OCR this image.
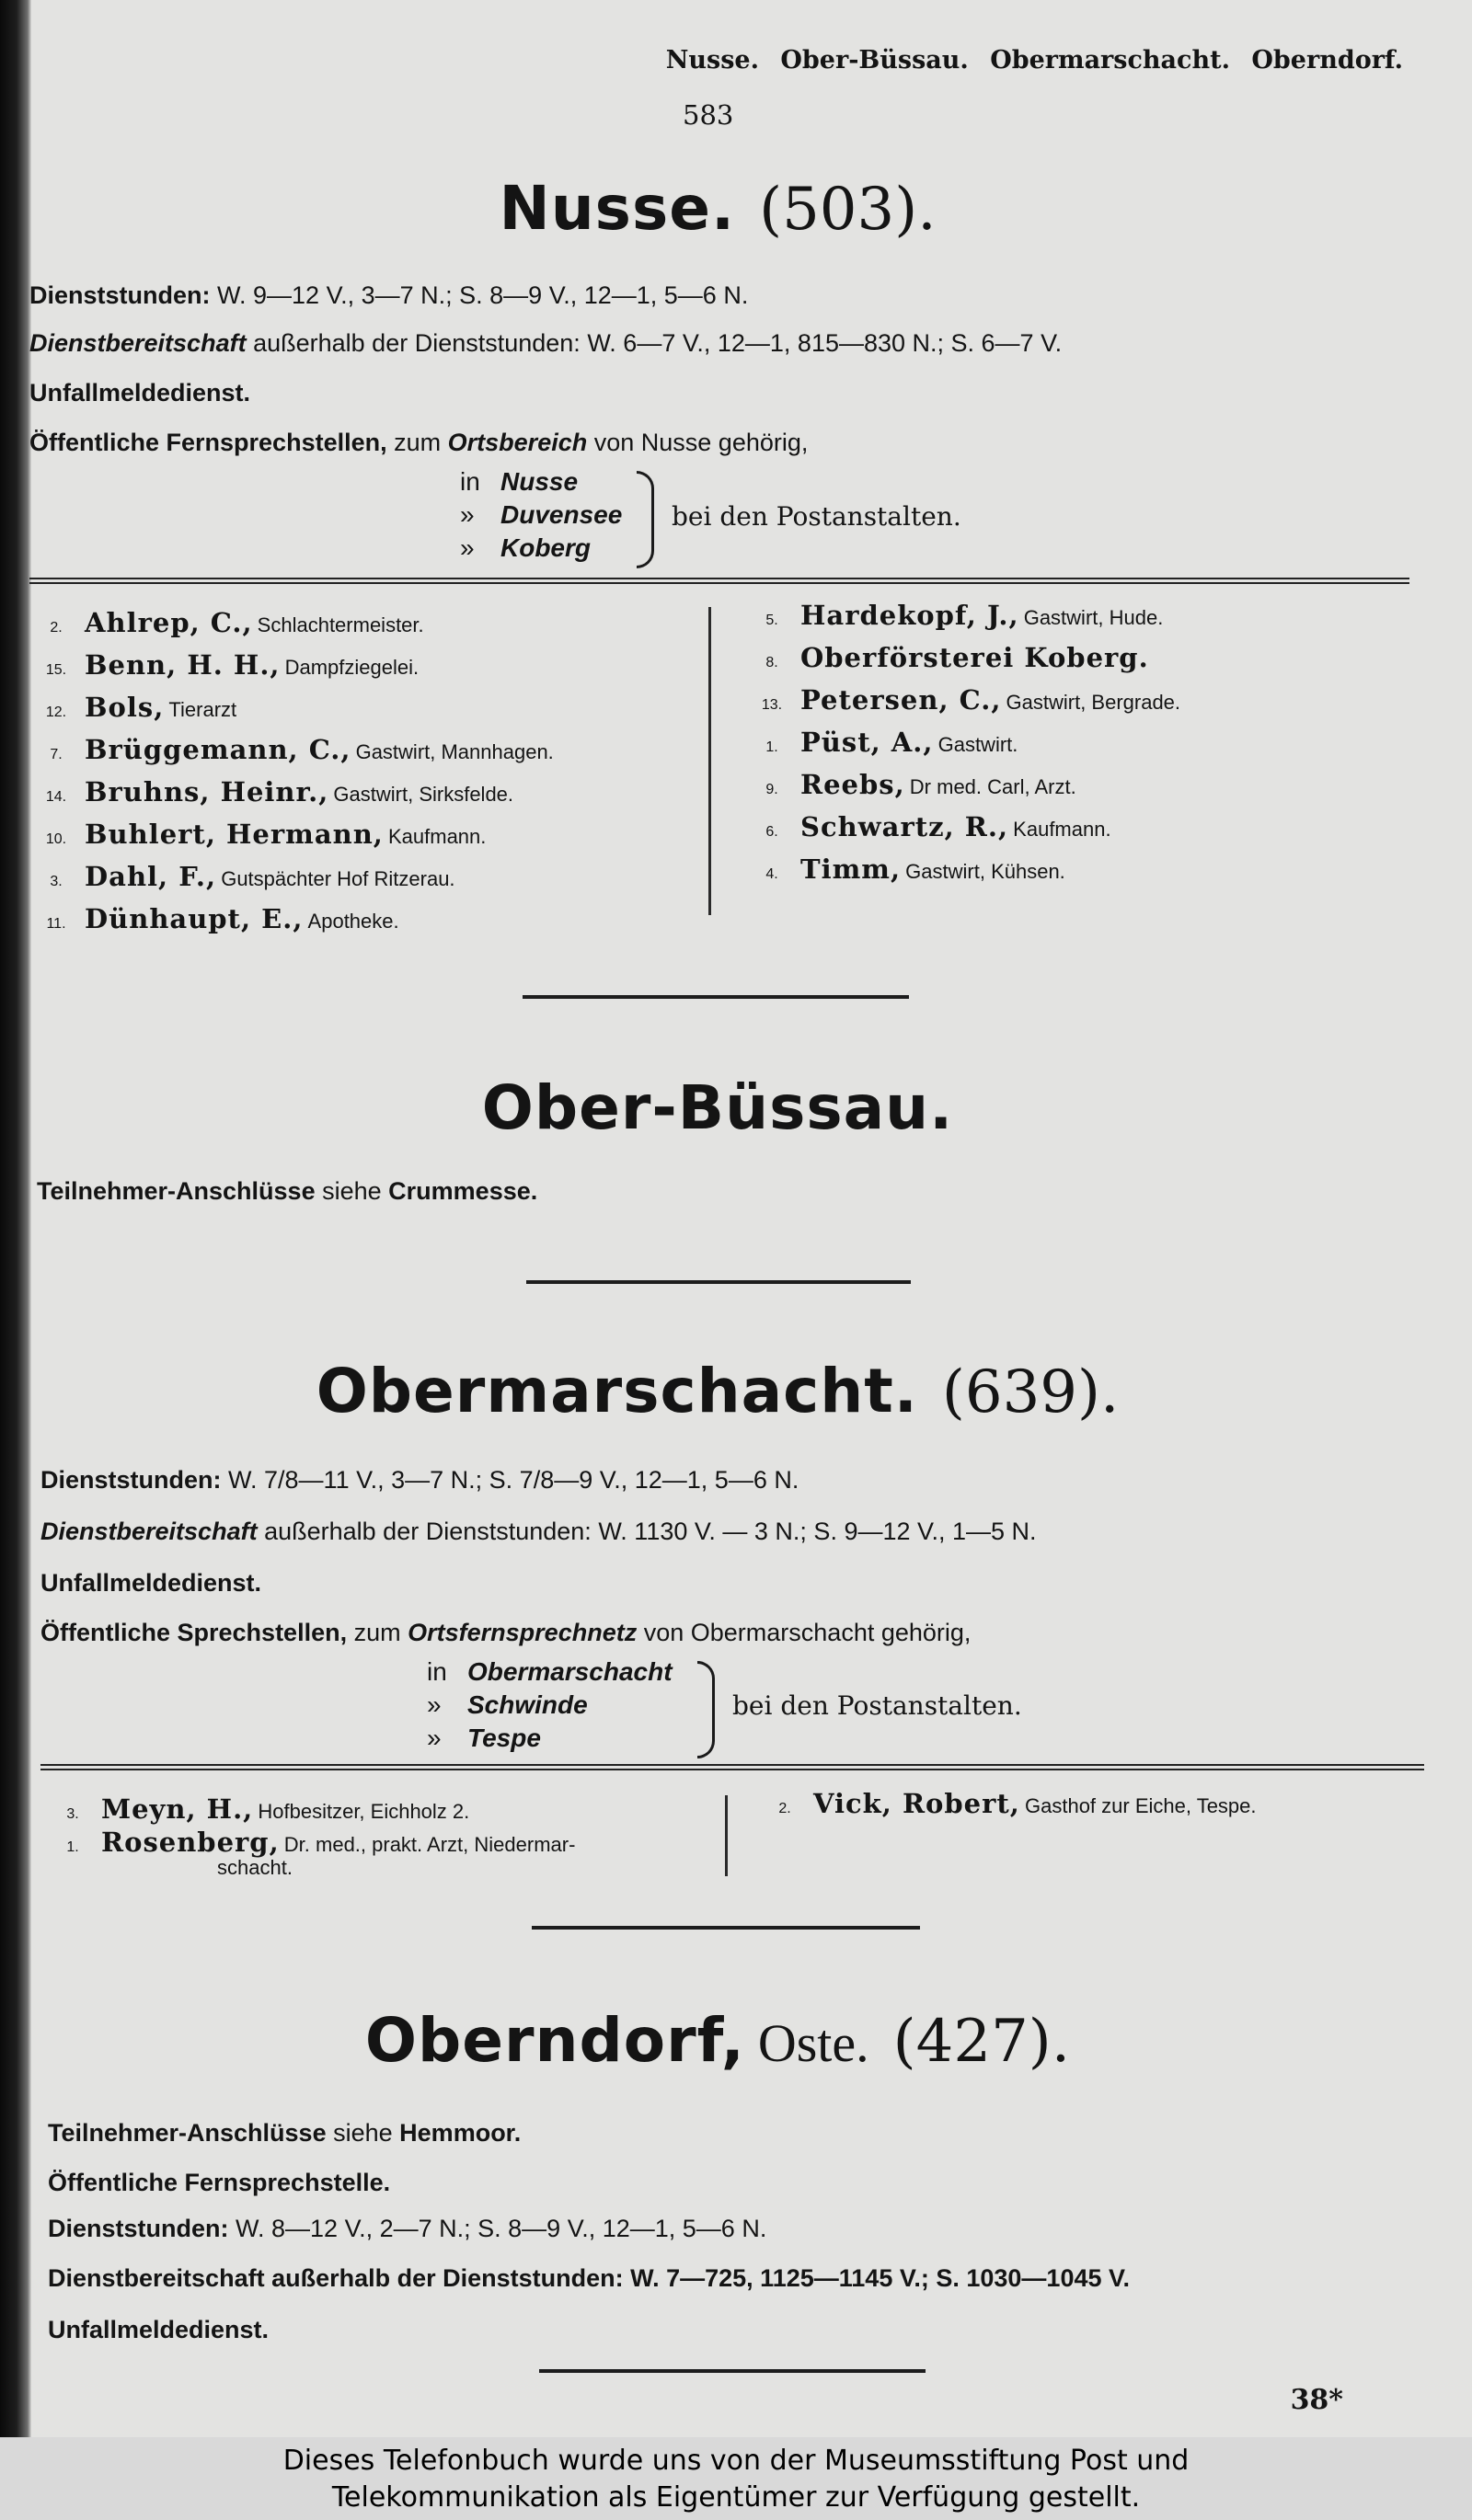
Nusse. Ober-Büssau. Obermarschacht. Oberndorf.
583
Nusse. (503).
Dienststunden: W. 9—12 V., 3—7 N.; S. 8—9 V., 12—1, 5—6 N.
Dienstbereitschaft außerhalb der Dienststunden: W. 6—7 V., 12—1, 815—830 N.; S. 6—7 V.
Unfallmeldedienst.
Öffentliche Fernsprechstellen, zum Ortsbereich von Nusse gehörig,
in Nusse
» Duvensee
» Koberg
bei den Postanstalten.
2. Ahlrep, C., Schlachtermeister.
15. Benn, H. H., Dampfziegelei.
12. Bols, Tierarzt
7. Brüggemann, C., Gastwirt, Mannhagen.
14. Bruhns, Heinr., Gastwirt, Sirksfelde.
10. Buhlert, Hermann, Kaufmann.
3. Dahl, F., Gutspächter Hof Ritzerau.
11. Dünhaupt, E., Apotheke.
5. Hardekopf, J., Gastwirt, Hude.
8. Oberförsterei Koberg.
13. Petersen, C., Gastwirt, Bergrade.
1. Püst, A., Gastwirt.
9. Reebs, Dr med. Carl, Arzt.
6. Schwartz, R., Kaufmann.
4. Timm, Gastwirt, Kühsen.
Ober-Büssau.
Teilnehmer-Anschlüsse siehe Crummesse.
Obermarschacht. (639).
Dienststunden: W. 7/8—11 V., 3—7 N.; S. 7/8—9 V., 12—1, 5—6 N.
Dienstbereitschaft außerhalb der Dienststunden: W. 1130 V. — 3 N.; S. 9—12 V., 1—5 N.
Unfallmeldedienst.
Öffentliche Sprechstellen, zum Ortsfernsprechnetz von Obermarschacht gehörig,
in Obermarschacht
» Schwinde
» Tespe
bei den Postanstalten.
3. Meyn, H., Hofbesitzer, Eichholz 2.
1. Rosenberg, Dr. med., prakt. Arzt, Niedermar-
schacht.
2. Vick, Robert, Gasthof zur Eiche, Tespe.
Oberndorf, Oste. (427).
Teilnehmer-Anschlüsse siehe Hemmoor.
Öffentliche Fernsprechstelle.
Dienststunden: W. 8—12 V., 2—7 N.; S. 8—9 V., 12—1, 5—6 N.
Dienstbereitschaft außerhalb der Dienststunden: W. 7—725, 1125—1145 V.; S. 1030—1045 V.
Unfallmeldedienst.
38*
Dieses Telefonbuch wurde uns von der Museumsstiftung Post und
Telekommunikation als Eigentümer zur Verfügung gestellt.
